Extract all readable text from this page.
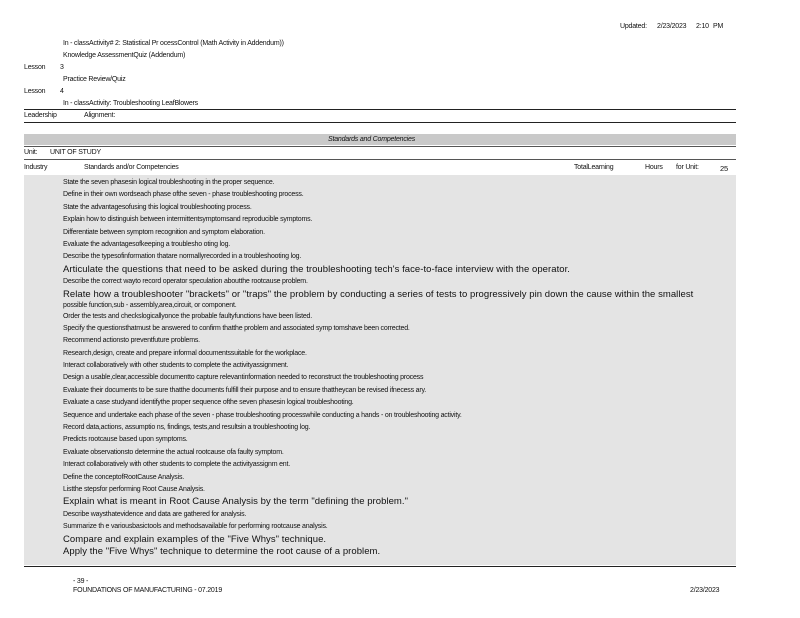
Updated: 2/23/2023 2:10 PM
In - classActivity# 2: Statistical Pr ocessControl (Math Activity in Addendum))
Knowledge AssessmentQuiz (Addendum)
Lesson 3
Practice Review/Quiz
Lesson 4
In - classActivity: Troubleshooting LeafBlowers
Leadership	Alignment:
Standards and Competencies
Unit: UNIT OF STUDY
Industry	Standards and/or Competencies	TotalLearning	Hours for Unit:	25
State the seven phasesin logical troubleshooting in the proper sequence.
Define in their own wordseach phase ofthe seven - phase troubleshooting process.
State the advantagesofusing this logical troubleshooting process.
Explain how to distinguish between intermittentsymptomsand reproducible symptoms.
Differentiate between symptom recognition and symptom elaboration.
Evaluate the advantagesofkeeping a troublesho oting log.
Describe the typesofinformation thatare normallyrecorded in a troubleshooting log.
Articulate the questions that need to be asked during the troubleshooting tech's face-to-face interview with the operator.
Describe the correct wayto record operator speculation aboutthe rootcause problem.
Relate how a troubleshooter "brackets" or "traps" the problem by conducting a series of tests to progressively pin down the cause within the smallest
possible function,sub - assembly,area,circuit, or component.
Order the tests and checkslogicallyonce the probable faultyfunctions have been listed.
Specify the questionsthatmust be answered to confirm thatthe problem and associated symp tomshave been corrected.
Recommend actionsto preventfuture problems.
Research,design, create and prepare informal documentssuitable for the workplace.
Interact collaboratively with other students to complete the activityassignment.
Design a usable,clear,accessible documentto capture relevantinformation needed to reconstruct the troubleshooting process
Evaluate their documents to be sure thatthe documents fulfill their purpose and to ensure thattheycan be revised ifnecess ary.
Evaluate a case studyand identifythe proper sequence ofthe seven phasesin logical troubleshooting.
Sequence and undertake each phase of the seven - phase troubleshooting processwhile conducting a hands - on troubleshooting activity.
Record data,actions, assumptio ns, findings, tests,and resultsin a troubleshooting log.
Predicts rootcause based upon symptoms.
Evaluate observationsto determine the actual rootcause ofa faulty symptom.
Interact collaboratively with other students to complete the activityassignm ent.
Define the conceptofRootCause Analysis.
Listthe stepsfor performing Root Cause Analysis.
Explain what is meant in Root Cause Analysis by the term "defining the problem."
Describe waysthatevidence and data are gathered for analysis.
Summarize th e variousbasictools and methodsavailable for performing rootcause analysis.
Compare and explain examples of the "Five Whys" technique.
Apply the "Five Whys" technique to determine the root cause of a problem.
- 39 -
FOUNDATIONS OF MANUFACTURING - 07.2019	2/23/2023
